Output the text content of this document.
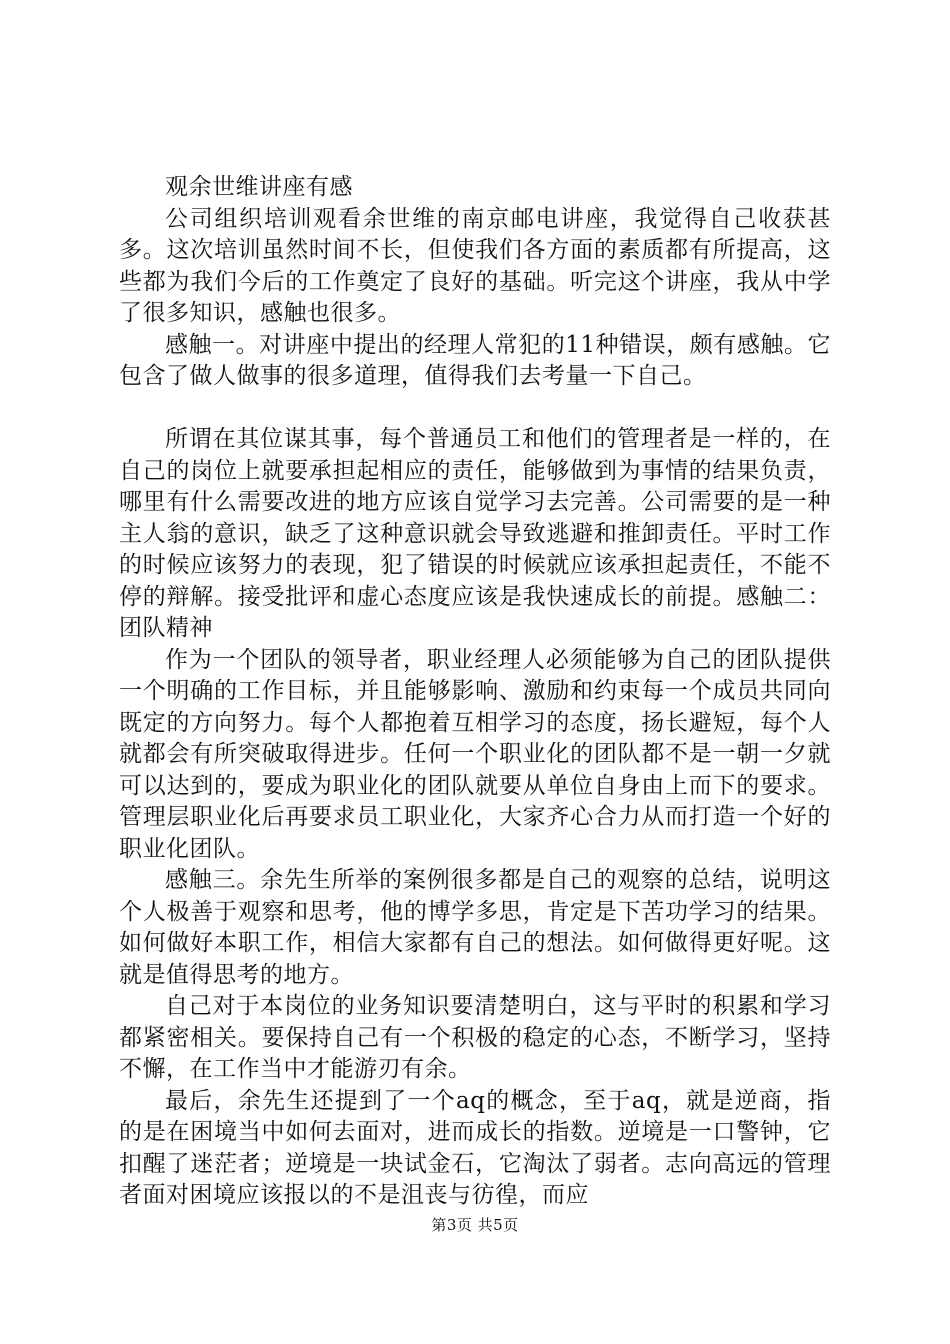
观余世维讲座有感

公司组织培训观看余世维的南京邮电讲座，我觉得自己收获甚多。这次培训虽然时间不长，但使我们各方面的素质都有所提高，这些都为我们今后的工作奠定了良好的基础。听完这个讲座，我从中学了很多知识，感触也很多。

感触一。对讲座中提出的经理人常犯的11种错误，颇有感触。它包含了做人做事的很多道理，值得我们去考量一下自己。

所谓在其位谋其事，每个普通员工和他们的管理者是一样的，在自己的岗位上就要承担起相应的责任，能够做到为事情的结果负责，哪里有什么需要改进的地方应该自觉学习去完善。公司需要的是一种主人翁的意识，缺乏了这种意识就会导致逃避和推卸责任。平时工作的时候应该努力的表现，犯了错误的时候就应该承担起责任，不能不停的辩解。接受批评和虚心态度应该是我快速成长的前提。感触二：团队精神

作为一个团队的领导者，职业经理人必须能够为自己的团队提供一个明确的工作目标，并且能够影响、激励和约束每一个成员共同向既定的方向努力。每个人都抱着互相学习的态度，扬长避短，每个人就都会有所突破取得进步。任何一个职业化的团队都不是一朝一夕就可以达到的，要成为职业化的团队就要从单位自身由上而下的要求。管理层职业化后再要求员工职业化，大家齐心合力从而打造一个好的职业化团队。

感触三。余先生所举的案例很多都是自己的观察的总结，说明这个人极善于观察和思考，他的博学多思，肯定是下苦功学习的结果。如何做好本职工作，相信大家都有自己的想法。如何做得更好呢。这就是值得思考的地方。

自己对于本岗位的业务知识要清楚明白，这与平时的积累和学习都紧密相关。要保持自己有一个积极的稳定的心态，不断学习，坚持不懈，在工作当中才能游刃有余。

最后，余先生还提到了一个aq的概念，至于aq，就是逆商，指的是在困境当中如何去面对，进而成长的指数。逆境是一口警钟，它扣醒了迷茫者；逆境是一块试金石，它淘汰了弱者。志向高远的管理者面对困境应该报以的不是沮丧与彷徨，而应

第3页 共5页
